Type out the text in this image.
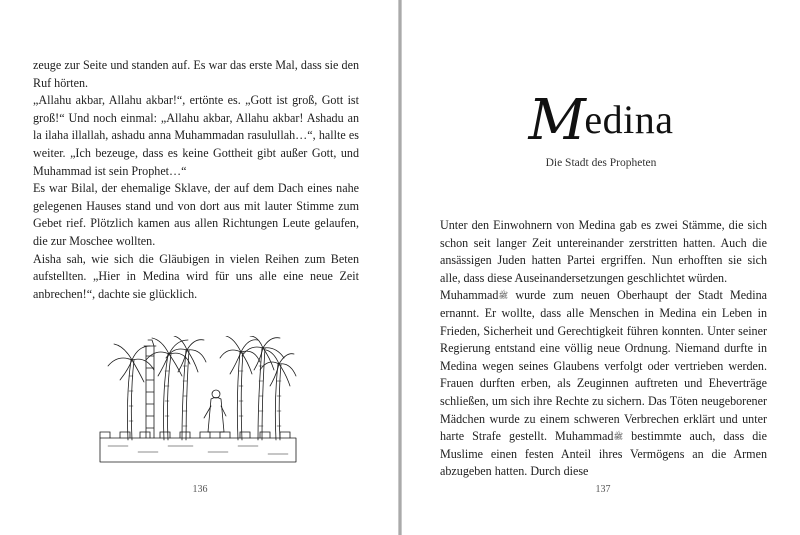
zeuge zur Seite und standen auf. Es war das erste Mal, dass sie den Ruf hörten.

„Allahu akbar, Allahu akbar!“, ertönte es. „Gott ist groß, Gott ist groß!“ Und noch einmal: „Allahu akbar, Allahu akbar! Ashadu an la ilaha illallah, ashadu anna Muhammadan rasulullah…“, hallte es weiter. „Ich bezeuge, dass es keine Gottheit gibt außer Gott, und Muhammad ist sein Prophet…“

Es war Bilal, der ehemalige Sklave, der auf dem Dach eines nahe gelegenen Hauses stand und von dort aus mit lauter Stimme zum Gebet rief. Plötzlich kamen aus allen Richtungen Leute gelaufen, die zur Moschee wollten.

Aisha sah, wie sich die Gläubigen in vielen Reihen zum Beten aufstellten. „Hier in Medina wird für uns alle eine neue Zeit anbrechen!“, dachte sie glücklich.

136
Medina
Die Stadt des Propheten

Unter den Einwohnern von Medina gab es zwei Stämme, die sich schon seit langer Zeit untereinander zerstritten hatten. Auch die ansässigen Juden hatten Partei ergriffen. Nun erhofften sie sich alle, dass diese Auseinandersetzungen geschlichtet würden.

Muhammadﷺ wurde zum neuen Oberhaupt der Stadt Medina ernannt. Er wollte, dass alle Menschen in Medina ein Leben in Frieden, Sicherheit und Gerechtigkeit führen konnten. Unter seiner Regierung entstand eine völlig neue Ordnung. Niemand durfte in Medina wegen seines Glaubens verfolgt oder vertrieben werden. Frauen durften erben, als Zeuginnen auftreten und Eheverträge schließen, um sich ihre Rechte zu sichern. Das Töten neugeborener Mädchen wurde zu einem schweren Verbrechen erklärt und unter harte Strafe gestellt. Muhammadﷺ bestimmte auch, dass die Muslime einen festen Anteil ihres Vermögens an die Armen abzugeben hatten. Durch diese

137
